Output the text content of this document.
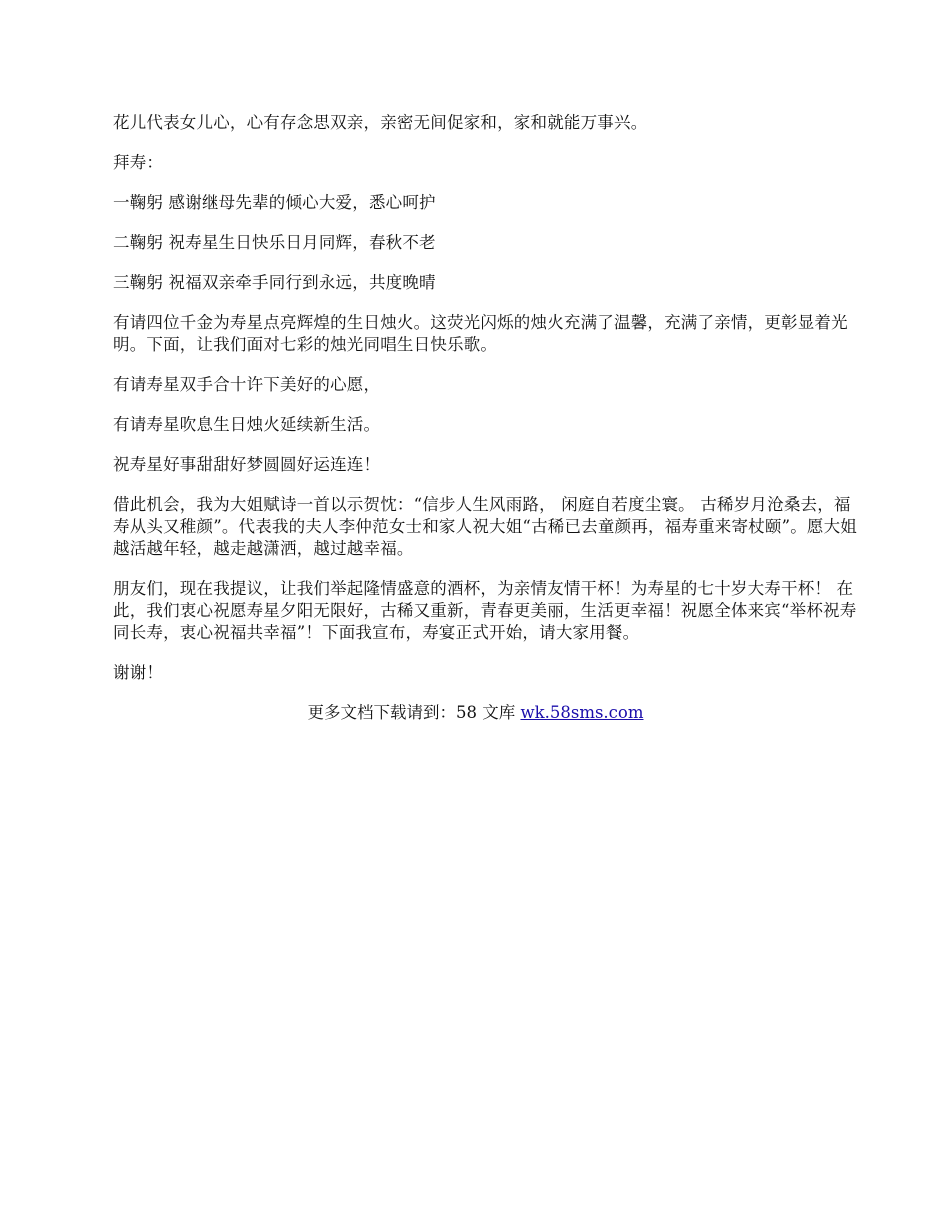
花儿代表女儿心，心有存念思双亲，亲密无间促家和，家和就能万事兴。

拜寿：

一鞠躬 感谢继母先辈的倾心大爱，悉心呵护

二鞠躬 祝寿星生日快乐日月同辉，春秋不老

三鞠躬 祝福双亲牵手同行到永远，共度晚晴

有请四位千金为寿星点亮辉煌的生日烛火。这荧光闪烁的烛火充满了温馨，充满了亲情，更彰显着光明。下面，让我们面对七彩的烛光同唱生日快乐歌。

有请寿星双手合十许下美好的心愿，

有请寿星吹息生日烛火延续新生活。

祝寿星好事甜甜好梦圆圆好运连连！

借此机会，我为大姐赋诗一首以示贺忱：“信步人生风雨路， 闲庭自若度尘寰。 古稀岁月沧桑去，福寿从头又稚颜”。代表我的夫人李仲范女士和家人祝大姐“古稀已去童颜再，福寿重来寄杖颐”。愿大姐越活越年轻，越走越潇洒，越过越幸福。

朋友们，现在我提议，让我们举起隆情盛意的酒杯，为亲情友情干杯！为寿星的七十岁大寿干杯！ 在此，我们衷心祝愿寿星夕阳无限好，古稀又重新，青春更美丽，生活更幸福！祝愿全体来宾“举杯祝寿同长寿，衷心祝福共幸福”！下面我宣布，寿宴正式开始，请大家用餐。

谢谢！

更多文档下载请到：58 文库 wk.58sms.com
